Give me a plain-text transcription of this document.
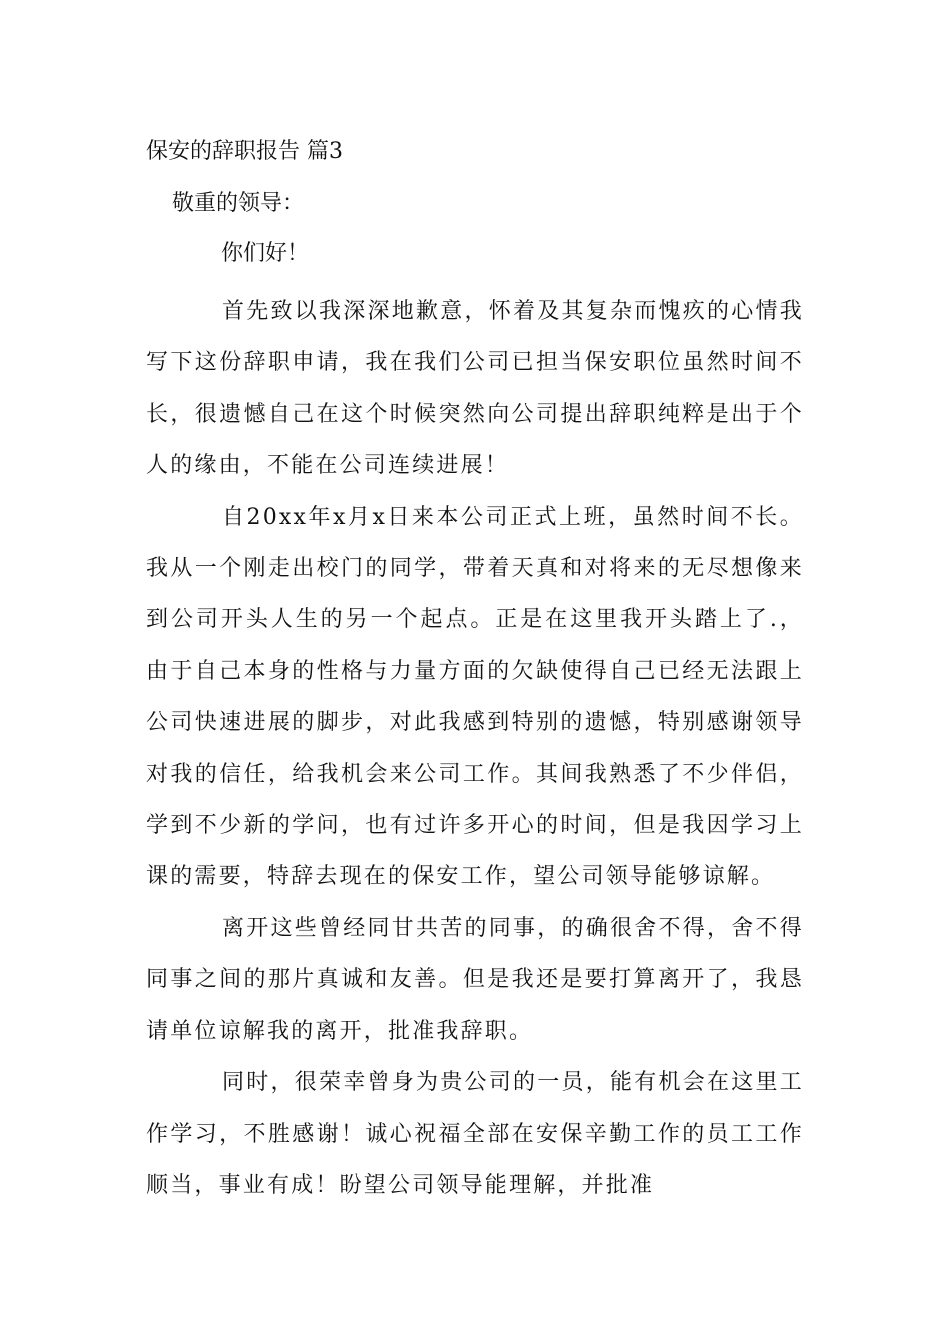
保安的辞职报告 篇3
敬重的领导：
你们好！

首先致以我深深地歉意，怀着及其复杂而愧疚的心情我写下这份辞职申请，我在我们公司已担当保安职位虽然时间不长，很遗憾自己在这个时候突然向公司提出辞职纯粹是出于个人的缘由，不能在公司连续进展！

自20xx年x月x日来本公司正式上班，虽然时间不长。我从一个刚走出校门的同学，带着天真和对将来的无尽想像来到公司开头人生的另一个起点。正是在这里我开头踏上了.，由于自己本身的性格与力量方面的欠缺使得自己已经无法跟上公司快速进展的脚步，对此我感到特别的遗憾，特别感谢领导对我的信任，给我机会来公司工作。其间我熟悉了不少伴侣，学到不少新的学问，也有过许多开心的时间，但是我因学习上课的需要，特辞去现在的保安工作，望公司领导能够谅解。

离开这些曾经同甘共苦的同事，的确很舍不得，舍不得同事之间的那片真诚和友善。但是我还是要打算离开了，我恳请单位谅解我的离开，批准我辞职。

同时，很荣幸曾身为贵公司的一员，能有机会在这里工作学习，不胜感谢！诚心祝福全部在安保辛勤工作的员工工作顺当，事业有成！盼望公司领导能理解，并批准
